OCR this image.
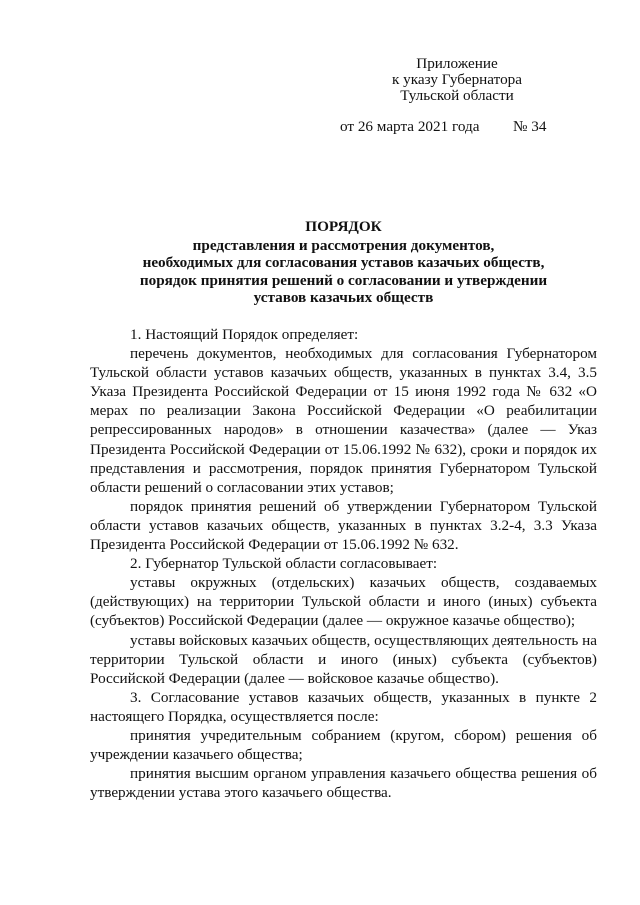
Приложение
к указу Губернатора
Тульской области
от 26 марта 2021 года № 34
ПОРЯДОК
представления и рассмотрения документов,
необходимых для согласования уставов казачьих обществ,
порядок принятия решений о согласовании и утверждении
уставов казачьих обществ

1. Настоящий Порядок определяет:

перечень документов, необходимых для согласования Губернатором Тульской области уставов казачьих обществ, указанных в пунктах 3.4, 3.5 Указа Президента Российской Федерации от 15 июня 1992 года № 632 «О мерах по реализации Закона Российской Федерации «О реабилитации репрессированных народов» в отношении казачества» (далее — Указ Президента Российской Федерации от 15.06.1992 № 632), сроки и порядок их представления и рассмотрения, порядок принятия Губернатором Тульской области решений о согласовании этих уставов;

порядок принятия решений об утверждении Губернатором Тульской области уставов казачьих обществ, указанных в пунктах 3.2-4, 3.3 Указа Президента Российской Федерации от 15.06.1992 № 632.

2. Губернатор Тульской области согласовывает:

уставы окружных (отдельских) казачьих обществ, создаваемых (действующих) на территории Тульской области и иного (иных) субъекта (субъектов) Российской Федерации (далее — окружное казачье общество);

уставы войсковых казачьих обществ, осуществляющих деятельность на территории Тульской области и иного (иных) субъекта (субъектов) Российской Федерации (далее — войсковое казачье общество).

3. Согласование уставов казачьих обществ, указанных в пункте 2 настоящего Порядка, осуществляется после:

принятия учредительным собранием (кругом, сбором) решения об учреждении казачьего общества;

принятия высшим органом управления казачьего общества решения об утверждении устава этого казачьего общества.
